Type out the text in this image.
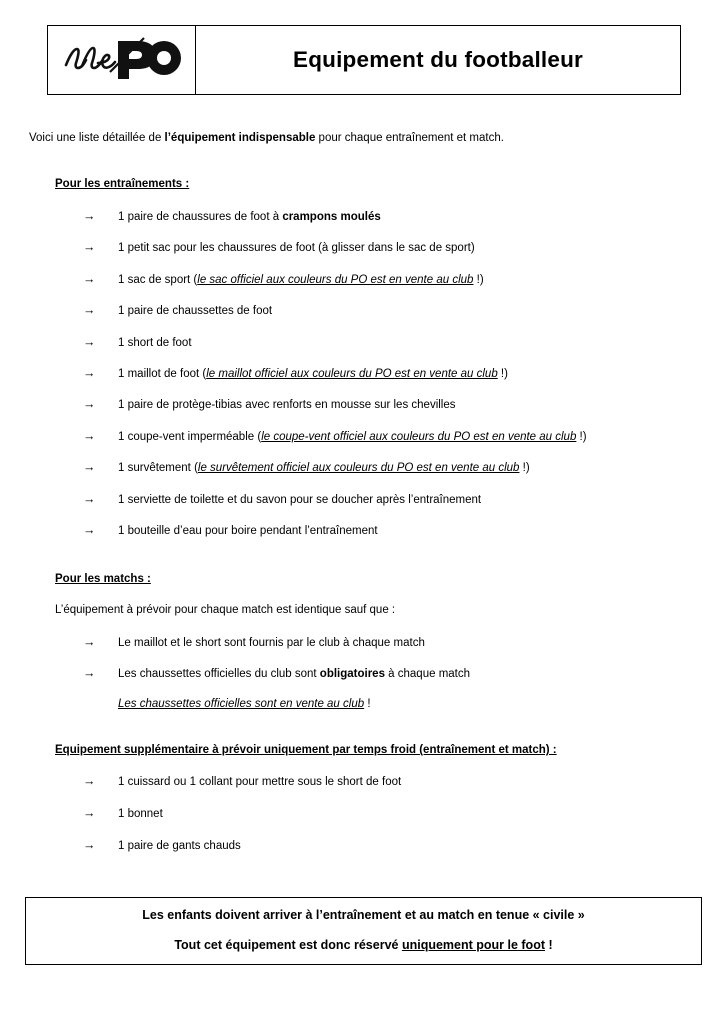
Equipement du footballeur
Voici une liste détaillée de l’équipement indispensable pour chaque entraînement et match.
Pour les entraînements :
Pour les matchs :
L’équipement à prévoir pour chaque match est identique sauf que :
Equipement supplémentaire à prévoir uniquement par temps froid (entraînement et match) :
Les enfants doivent arriver à l’entraînement et au match en tenue « civile »
Tout cet équipement est donc réservé uniquement pour le foot !
→	1 paire de chaussures de foot à crampons moulés
→	1 petit sac pour les chaussures de foot (à glisser dans le sac de sport)
→	1 sac de sport (le sac officiel aux couleurs du PO est en vente au club !)
→	1 paire de chaussettes de foot
→	1 short de foot
→	1 maillot de foot (le maillot officiel aux couleurs du PO est en vente au club !)
→	1 paire de protège-tibias avec renforts en mousse sur les chevilles
→	1 coupe-vent imperméable (le coupe-vent officiel aux couleurs du PO est en vente au club !)
→	1 survêtement (le survêtement officiel aux couleurs du PO est en vente au club !)
→	1 serviette de toilette et du savon pour se doucher après l’entraînement
→	1 bouteille d’eau pour boire pendant l’entraînement
→	Le maillot et le short sont fournis par le club à chaque match
→	Les chaussettes officielles du club sont obligatoires à chaque match
Les chaussettes officielles sont en vente au club !
→	1 cuissard ou 1 collant pour mettre sous le short de foot
→	1 bonnet
→	1 paire de gants chauds
